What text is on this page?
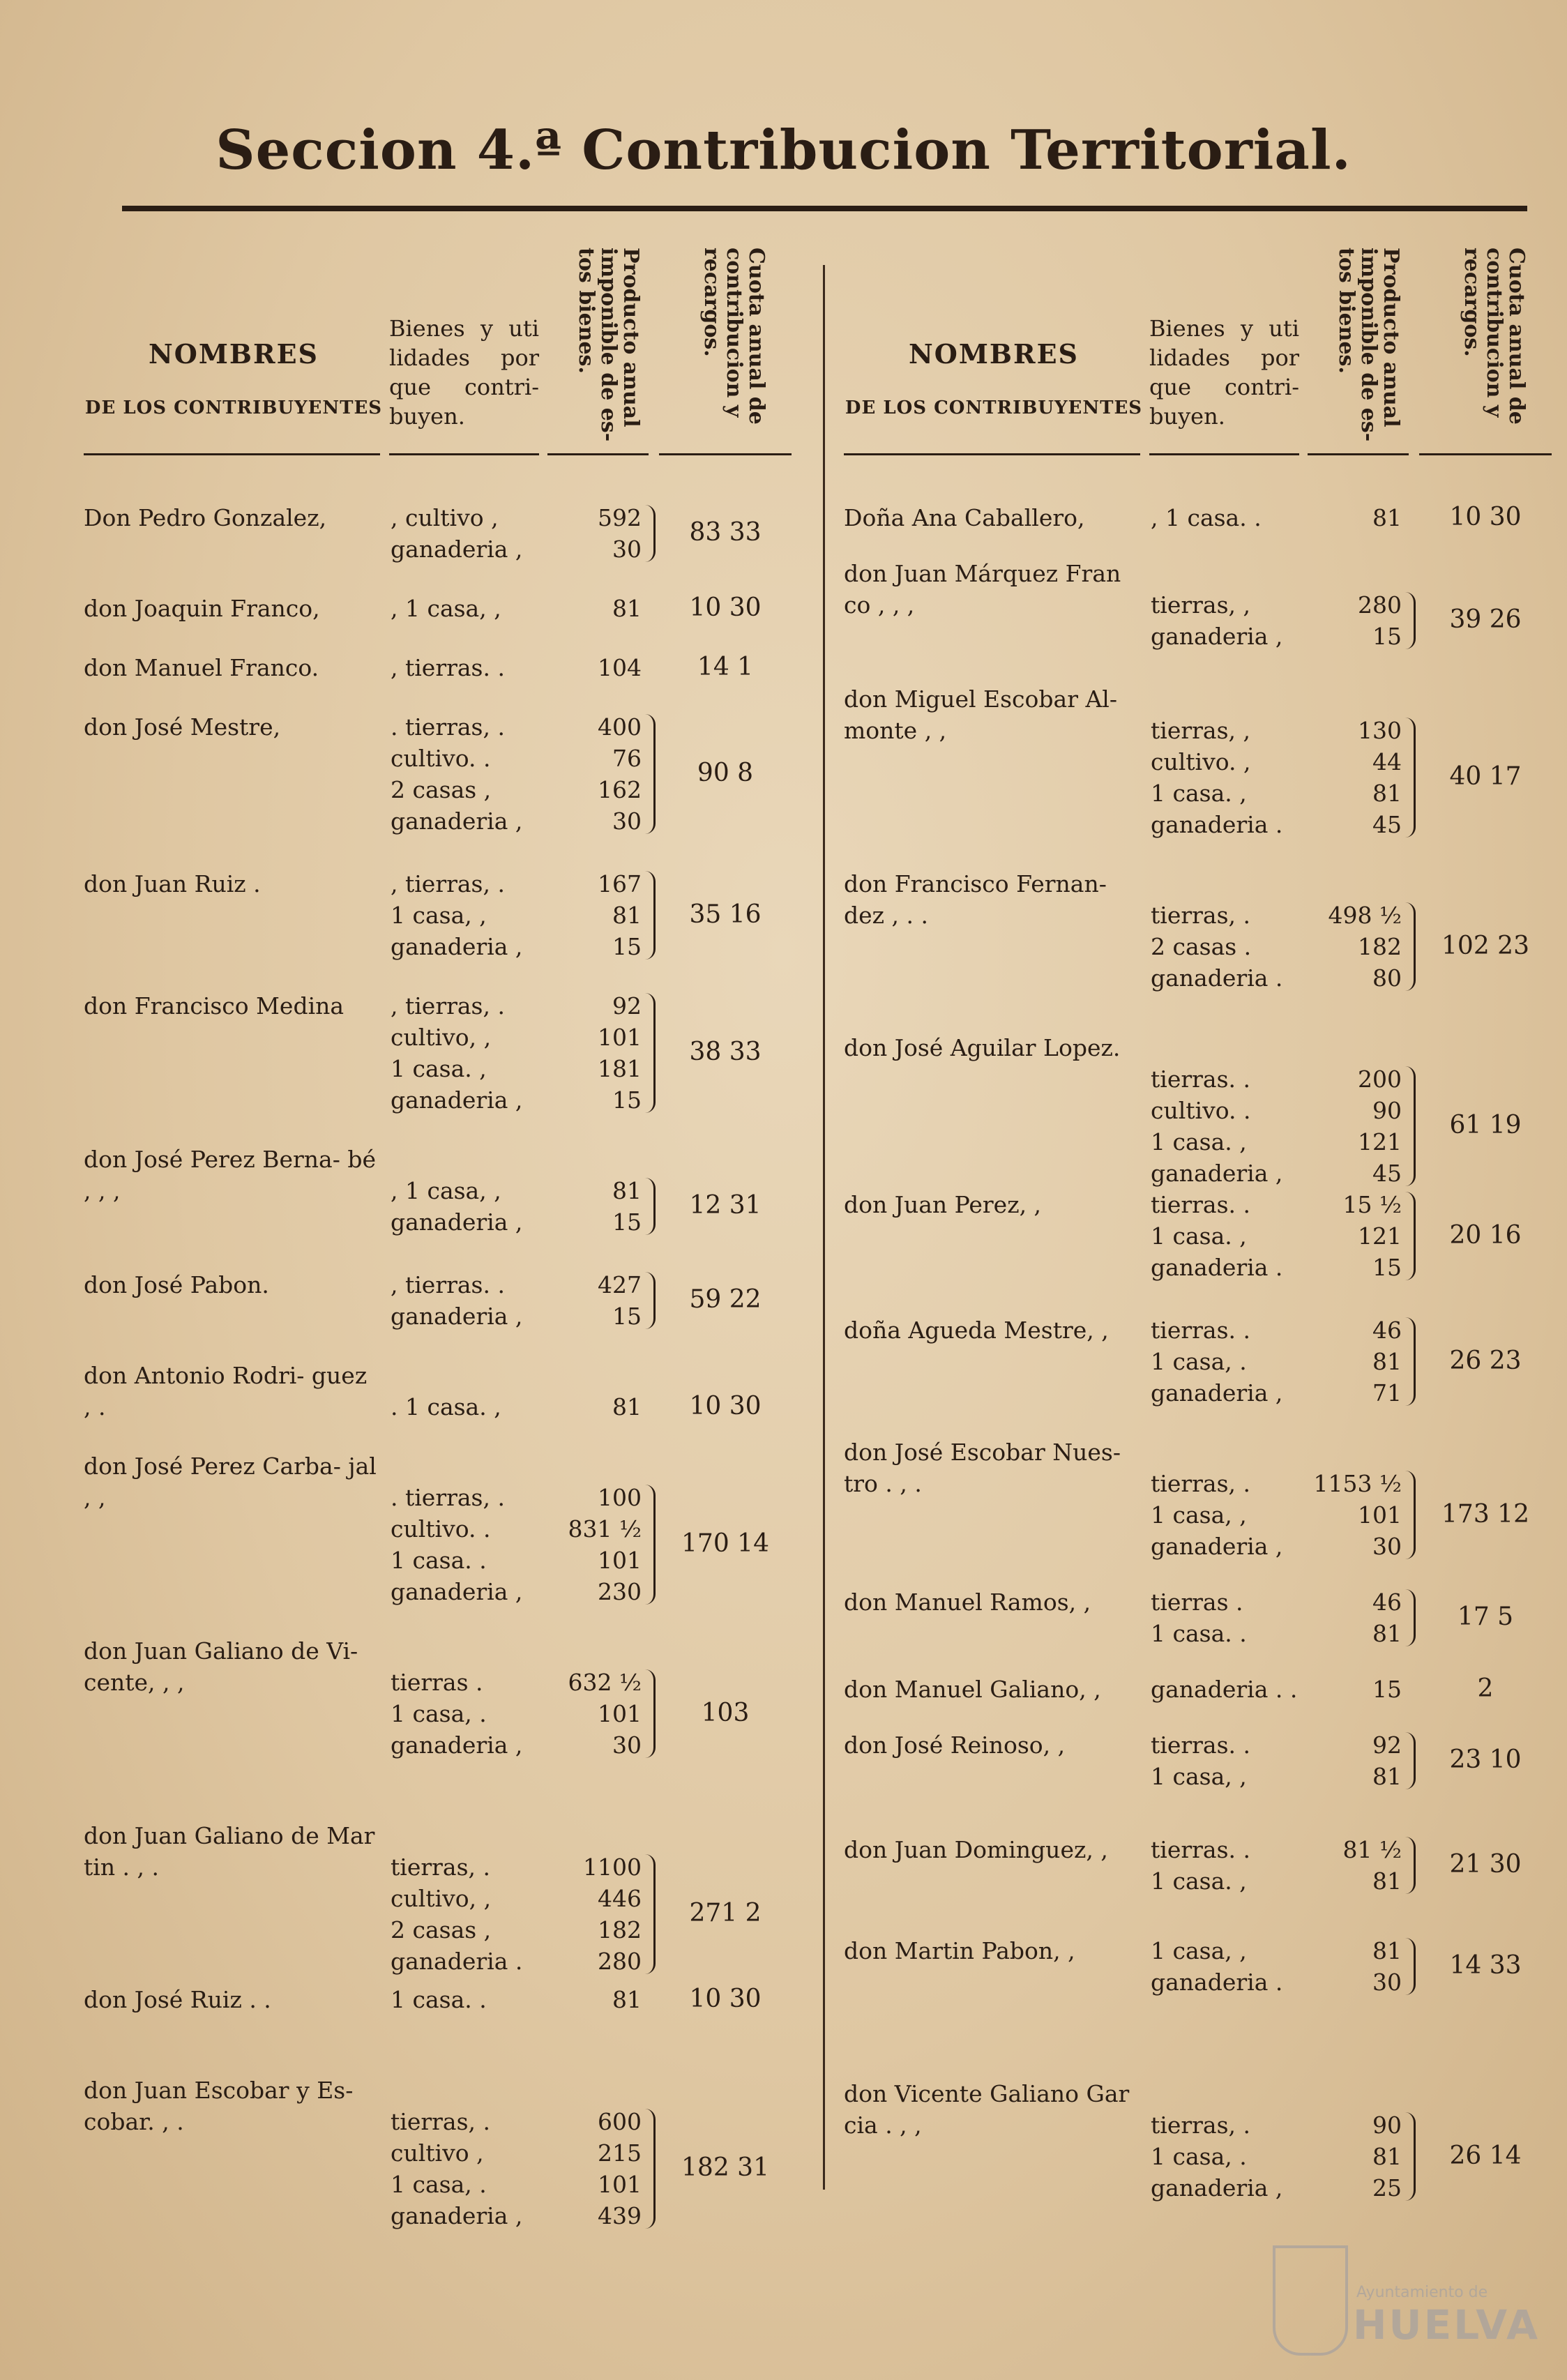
Seccion 4.ª Contribucion Territorial.
NOMBRES
DE LOS CONTRIBUYENTES
Bienes y uti lidades por que contri- buyen.	Producto anual imponible de es- tos bienes.	Cuota anual de contribucion y recargos.
Don Pedro Gonzalez,	, cultivo ,	592
ganaderia ,	30
83 33
don Joaquin Franco,	, 1 casa, ,	81	10 30
don Manuel Franco.	, tierras. .	104	14 1
don José Mestre,	. tierras, .	400
cultivo. .	76
2 casas ,	162
ganaderia ,	30
90 8
don Juan Ruiz .	, tierras, .	167
1 casa, ,	81
ganaderia ,	15
35 16
don Francisco Medina	, tierras, .	92
cultivo, ,	101
1 casa. ,	181
ganaderia ,	15
38 33
don José Perez Berna- bé , , ,	, 1 casa, ,	81
ganaderia ,	15
12 31
don José Pabon.	, tierras. .	427
ganaderia ,	15
59 22
don Antonio Rodri- guez , .	. 1 casa. ,	81	10 30
don José Perez Carba- jal , ,	. tierras, .	100
cultivo. .	831 ½
1 casa. .	101
ganaderia ,	230
170 14
don Juan Galiano de Vi- cente, , ,	tierras .	632 ½
1 casa, .	101
ganaderia ,	30
103
don Juan Galiano de Mar tin . , .	tierras, .	1100
cultivo, ,	446
2 casas ,	182
ganaderia .	280
271 2
don José Ruiz . .	1 casa. .	81	10 30
don Juan Escobar y Es- cobar. , .	tierras, .	600
cultivo ,	215
1 casa, .	101
ganaderia ,	439
182 31
NOMBRES
DE LOS CONTRIBUYENTES
Bienes y uti lidades por que contri- buyen.	Producto anual imponible de es- tos bienes.	Cuota anual de contribucion y recargos.
Doña Ana Caballero,	, 1 casa. .	81	10 30
don Juan Márquez Fran co , , ,	tierras, ,	280
ganaderia ,	15
39 26
don Miguel Escobar Al- monte , ,	tierras, ,	130
cultivo. ,	44
1 casa. ,	81
ganaderia .	45
40 17
don Francisco Fernan- dez , . .	tierras, .	498 ½
2 casas .	182
ganaderia .	80
102 23
don José Aguilar Lopez.
tierras. .	200
cultivo. .	90
1 casa. ,	121
ganaderia ,	45
61 19
don Juan Perez, ,	tierras. .	15 ½
1 casa. ,	121
ganaderia .	15
20 16
doña Agueda Mestre, ,	tierras. .	46
1 casa, .	81
ganaderia ,	71
26 23
don José Escobar Nues- tro . , .	tierras, .	1153 ½
1 casa, ,	101
ganaderia ,	30
173 12
don Manuel Ramos, ,	tierras .	46
1 casa. .	81
17 5
don Manuel Galiano, ,	ganaderia . .	15	2
don José Reinoso, ,	tierras. .	92
1 casa, ,	81
23 10
don Juan Dominguez, ,	tierras. .	81 ½
1 casa. ,	81
21 30
don Martin Pabon, ,	1 casa, ,	81
ganaderia .	30
14 33
don Vicente Galiano Gar cia . , ,	tierras, .	90
1 casa, .	81
ganaderia ,	25
26 14
Ayuntamiento de
HUELVA
